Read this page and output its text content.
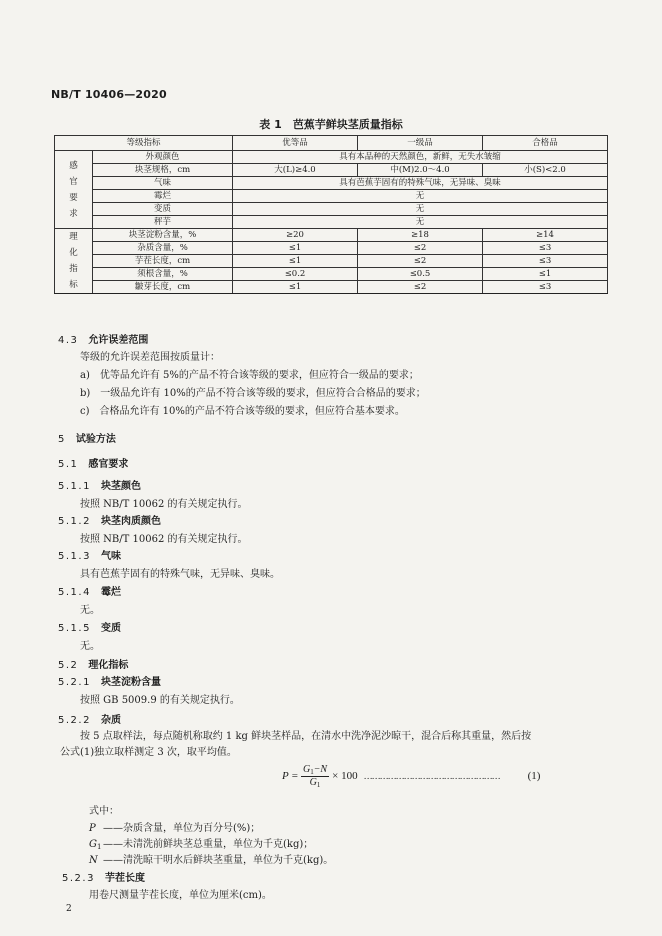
NB/T 10406—2020
表 1　芭蕉芋鲜块茎质量指标
等级指标		优等品	一级品	合格品
感
官
要
求	外观颜色	具有本品种的天然颜色，新鲜，无失水皱缩		
	块茎规格，cm	大(L)≥4.0	中(M)2.0～4.0	小(S)<2.0
	气味	具有芭蕉芋固有的特殊气味，无异味、臭味		
	霉烂	无		
	变质	无		
	秤芋	无		
理
化
指
标	块茎淀粉含量，%	≥20	≥18	≥14
	杂质含量，%	≤1	≤2	≤3
	芋茬长度，cm	≤1	≤2	≤3
	须根含量，%	≤0.2	≤0.5	≤1
	皺芽长度，cm	≤1	≤2	≤3
4.3 允许误差范围
等级的允许误差范围按质量计：
a)　优等品允许有 5%的产品不符合该等级的要求，但应符合一级品的要求；
b)　一级品允许有 10%的产品不符合该等级的要求，但应符合合格品的要求；
c)　合格品允许有 10%的产品不符合该等级的要求，但应符合基本要求。
5 试验方法
5.1 感官要求
5.1.1 块茎颜色
按照 NB/T 10062 的有关规定执行。
5.1.2 块茎肉质颜色
按照 NB/T 10062 的有关规定执行。
5.1.3 气味
具有芭蕉芋固有的特殊气味，无异味、臭味。
5.1.4 霉烂
无。
5.1.5 变质
无。
5.2 理化指标
5.2.1 块茎淀粉含量
按照 GB 5009.9 的有关规定执行。
5.2.2 杂质
按 5 点取样法，每点随机称取约 1 kg 鲜块茎样品，在清水中洗净泥沙晾干，混合后称其重量，然后按
公式(1)独立取样测定 3 次，取平均值。
$P = \frac{G_1-N}{G_1} \times 100$ ……………………………………………	(1)
式中：
P ——杂质含量，单位为百分号(%)；
G1 ——未清洗前鲜块茎总重量，单位为千克(kg)；
N ——清洗晾干明水后鲜块茎重量，单位为千克(kg)。
5.2.3 芋茬长度
用卷尺测量芋茬长度，单位为厘米(cm)。
2
